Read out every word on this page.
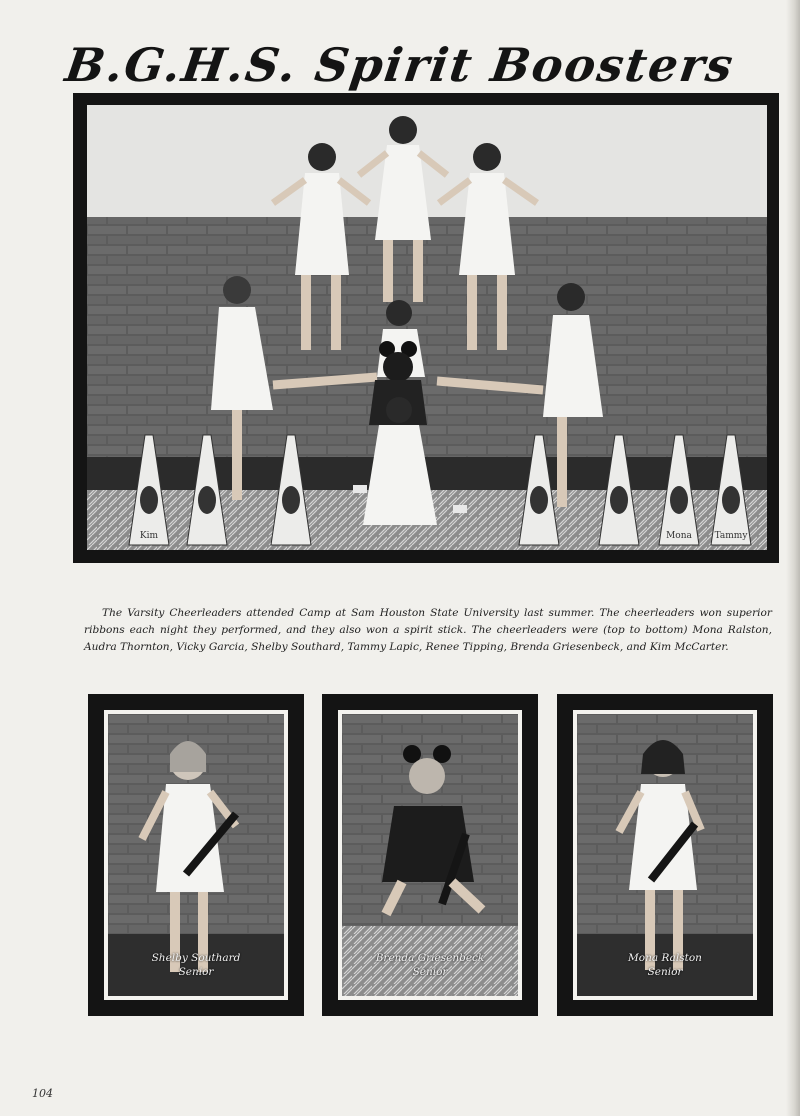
B.G.H.S. Spirit Boosters
Kim	Mona	Tammy
The Varsity Cheerleaders attended Camp at Sam Houston State University last summer. The cheerleaders won superior ribbons each night they performed, and they also won a spirit stick. The cheerleaders were (top to bottom) Mona Ralston, Audra Thornton, Vicky Garcia, Shelby Southard, Tammy Lapic, Renee Tipping, Brenda Griesenbeck, and Kim McCarter.
Shelby Southard
Senior
Brenda Griesenbeck
Senior
Mona Ralston
Senior
104
